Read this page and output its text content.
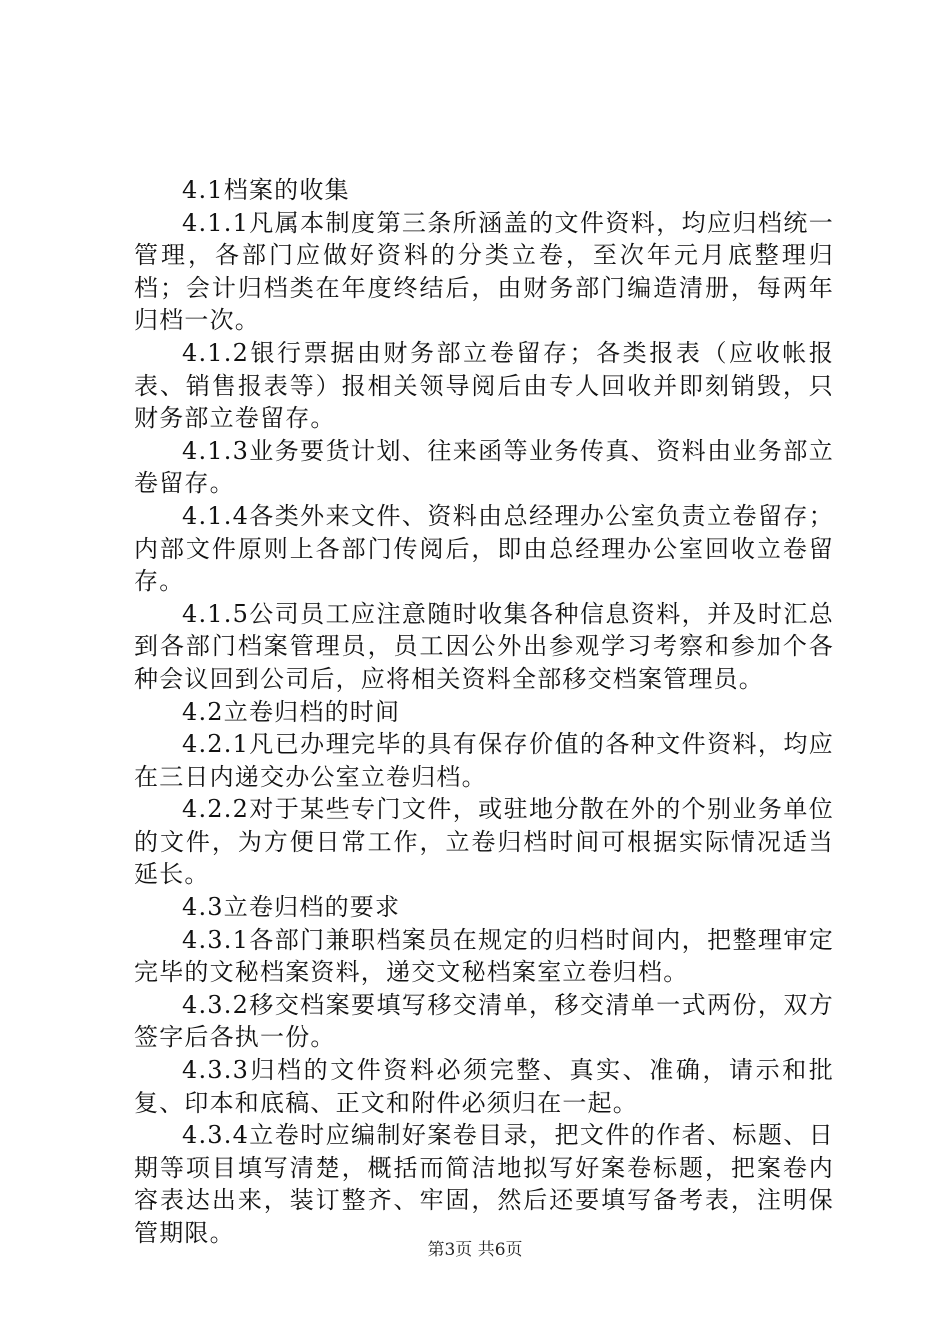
4.1档案的收集

4.1.1凡属本制度第三条所涵盖的文件资料，均应归档统一管理，各部门应做好资料的分类立卷，至次年元月底整理归档；会计归档类在年度终结后，由财务部门编造清册，每两年归档一次。

4.1.2银行票据由财务部立卷留存；各类报表（应收帐报表、销售报表等）报相关领导阅后由专人回收并即刻销毁，只财务部立卷留存。

4.1.3业务要货计划、往来函等业务传真、资料由业务部立卷留存。

4.1.4各类外来文件、资料由总经理办公室负责立卷留存；内部文件原则上各部门传阅后，即由总经理办公室回收立卷留存。

4.1.5公司员工应注意随时收集各种信息资料，并及时汇总到各部门档案管理员，员工因公外出参观学习考察和参加个各种会议回到公司后，应将相关资料全部移交档案管理员。

4.2立卷归档的时间

4.2.1凡已办理完毕的具有保存价值的各种文件资料，均应在三日内递交办公室立卷归档。

4.2.2对于某些专门文件，或驻地分散在外的个别业务单位的文件，为方便日常工作，立卷归档时间可根据实际情况适当延长。

4.3立卷归档的要求

4.3.1各部门兼职档案员在规定的归档时间内，把整理审定完毕的文秘档案资料，递交文秘档案室立卷归档。

4.3.2移交档案要填写移交清单，移交清单一式两份，双方签字后各执一份。

4.3.3归档的文件资料必须完整、真实、准确，请示和批复、印本和底稿、正文和附件必须归在一起。

4.3.4立卷时应编制好案卷目录，把文件的作者、标题、日期等项目填写清楚，概括而简洁地拟写好案卷标题，把案卷内容表达出来，装订整齐、牢固，然后还要填写备考表，注明保管期限。

第3页 共6页
